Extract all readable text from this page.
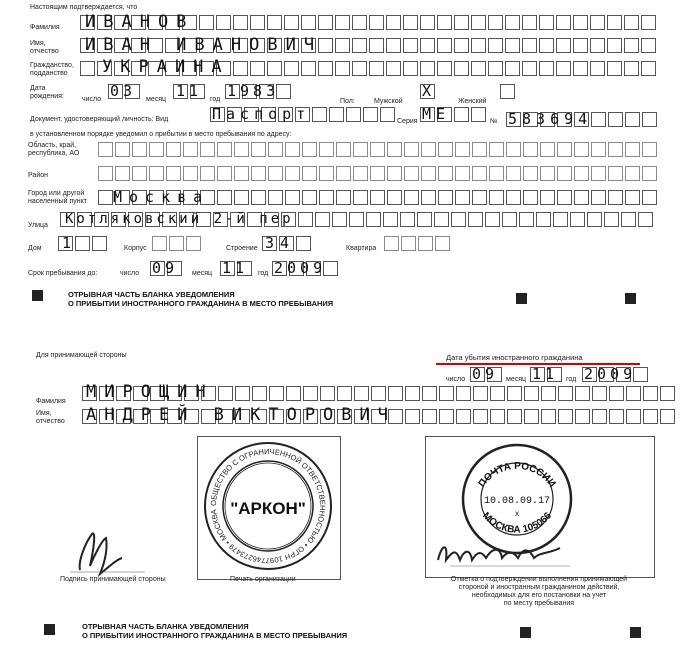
Настоящим подтверждается, что
Фамилия ИВАНОВ
Имя,
отчество	ИВАН ИВАНОВИЧ
Гражданство,
подданство	УКРАИНА
Дата
рождения:	число	месяц	год
03	11 1983
Пол:	Мужской
X
Женский
Документ, удостоверяющий личность: Вид	Паспорт	Серия МЕ	№ 583694
в установленном порядке уведомил о прибытии в место пребывания по адресу:
Область, край,
республика, АО
Район
Город или другой
населенный пункт	Москва
Улица Котляковский 2-й пер
Дом 1	Корпус	Строение 34	Квартира
Срок пребывания до:	число 09 месяц 11 год 2009
ОТРЫВНАЯ ЧАСТЬ БЛАНКА УВЕДОМЛЕНИЯ
О ПРИБЫТИИ ИНОСТРАННОГО ГРАЖДАНИНА В МЕСТО ПРЕБЫВАНИЯ
Для принимающей стороны	Дата убытия иностранного гражданина
число 09 месяц 11 год 2009
Фамилия МИРОЩИН
Имя,
отчество	АНДРЕЙ ВИКТОРОВИЧ
Подпись принимающей стороны
ОБЩЕСТВО С ОГРАНИЧЕННОЙ ОТВЕТСТВЕННОСТЬЮ • ОГРН 1097746273479 • МОСКВА "АРКОН"
Печать организации
ПОЧТА РОССИИ
10.08.09.17
x
МОСКВА 105066
Отметка о подтверждении выполнения принимающей
стороной и иностранным гражданином действий,
необходимых для его постановки на учет
по месту пребывания
ОТРЫВНАЯ ЧАСТЬ БЛАНКА УВЕДОМЛЕНИЯ
О ПРИБЫТИИ ИНОСТРАННОГО ГРАЖДАНИНА В МЕСТО ПРЕБЫВАНИЯ
